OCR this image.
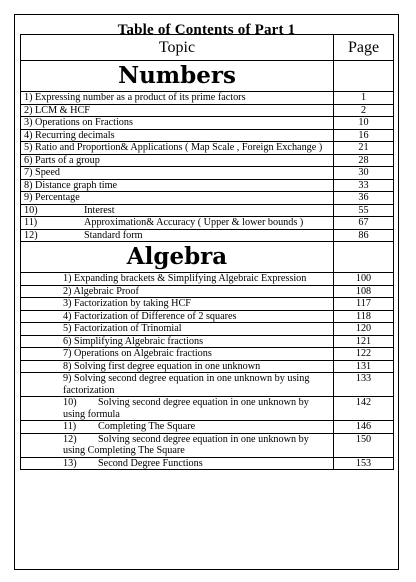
Table of Contents of Part 1
Topic	Page
Numbers	
1) Expressing number as a product of its prime factors	1
2) LCM & HCF	2
3) Operations on Fractions	10
4) Recurring decimals	16
5) Ratio and Proportion& Applications ( Map Scale , Foreign Exchange )	21
6) Parts of a group	28
7) Speed	30
8) Distance graph time	33
9) Percentage	36
10) Interest	55
11) Approximation& Accuracy ( Upper & lower bounds )	67
12) Standard form	86
Algebra	
1) Expanding brackets & Simplifying Algebraic Expression	100
2) Algebraic Proof	108
3) Factorization by taking HCF	117
4) Factorization of Difference of 2 squares	118
5) Factorization of Trinomial	120
6) Simplifying Algebraic fractions	121
7) Operations on Algebraic fractions	122
8) Solving first degree equation in one unknown	131
9) Solving second degree equation in one unknown by using factorization	133
10) Solving second degree equation in one unknown by using formula	142
11) Completing The Square	146
12) Solving second degree equation in one unknown by using Completing The Square	150
13) Second Degree Functions	153
